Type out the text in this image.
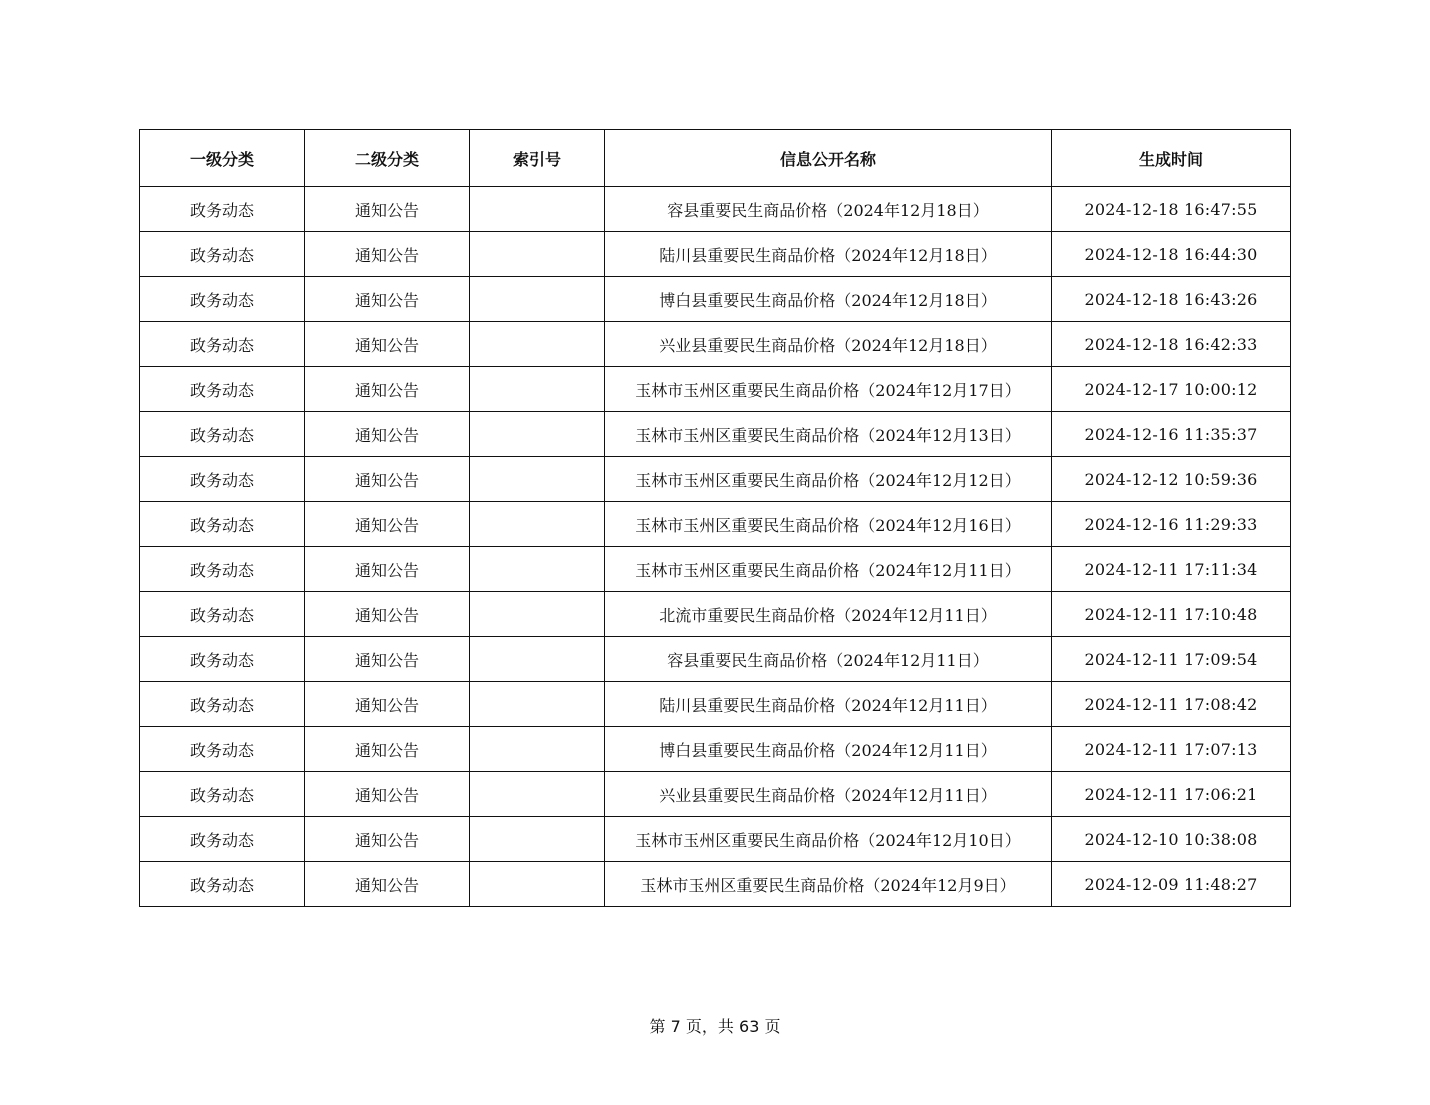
一级分类	二级分类	索引号	信息公开名称	生成时间
政务动态	通知公告		容县重要民生商品价格（2024年12月18日）	2024-12-18 16:47:55
政务动态	通知公告		陆川县重要民生商品价格（2024年12月18日）	2024-12-18 16:44:30
政务动态	通知公告		博白县重要民生商品价格（2024年12月18日）	2024-12-18 16:43:26
政务动态	通知公告		兴业县重要民生商品价格（2024年12月18日）	2024-12-18 16:42:33
政务动态	通知公告		玉林市玉州区重要民生商品价格（2024年12月17日）	2024-12-17 10:00:12
政务动态	通知公告		玉林市玉州区重要民生商品价格（2024年12月13日）	2024-12-16 11:35:37
政务动态	通知公告		玉林市玉州区重要民生商品价格（2024年12月12日）	2024-12-12 10:59:36
政务动态	通知公告		玉林市玉州区重要民生商品价格（2024年12月16日）	2024-12-16 11:29:33
政务动态	通知公告		玉林市玉州区重要民生商品价格（2024年12月11日）	2024-12-11 17:11:34
政务动态	通知公告		北流市重要民生商品价格（2024年12月11日）	2024-12-11 17:10:48
政务动态	通知公告		容县重要民生商品价格（2024年12月11日）	2024-12-11 17:09:54
政务动态	通知公告		陆川县重要民生商品价格（2024年12月11日）	2024-12-11 17:08:42
政务动态	通知公告		博白县重要民生商品价格（2024年12月11日）	2024-12-11 17:07:13
政务动态	通知公告		兴业县重要民生商品价格（2024年12月11日）	2024-12-11 17:06:21
政务动态	通知公告		玉林市玉州区重要民生商品价格（2024年12月10日）	2024-12-10 10:38:08
政务动态	通知公告		玉林市玉州区重要民生商品价格（2024年12月9日）	2024-12-09 11:48:27
第 7 页，共 63 页
